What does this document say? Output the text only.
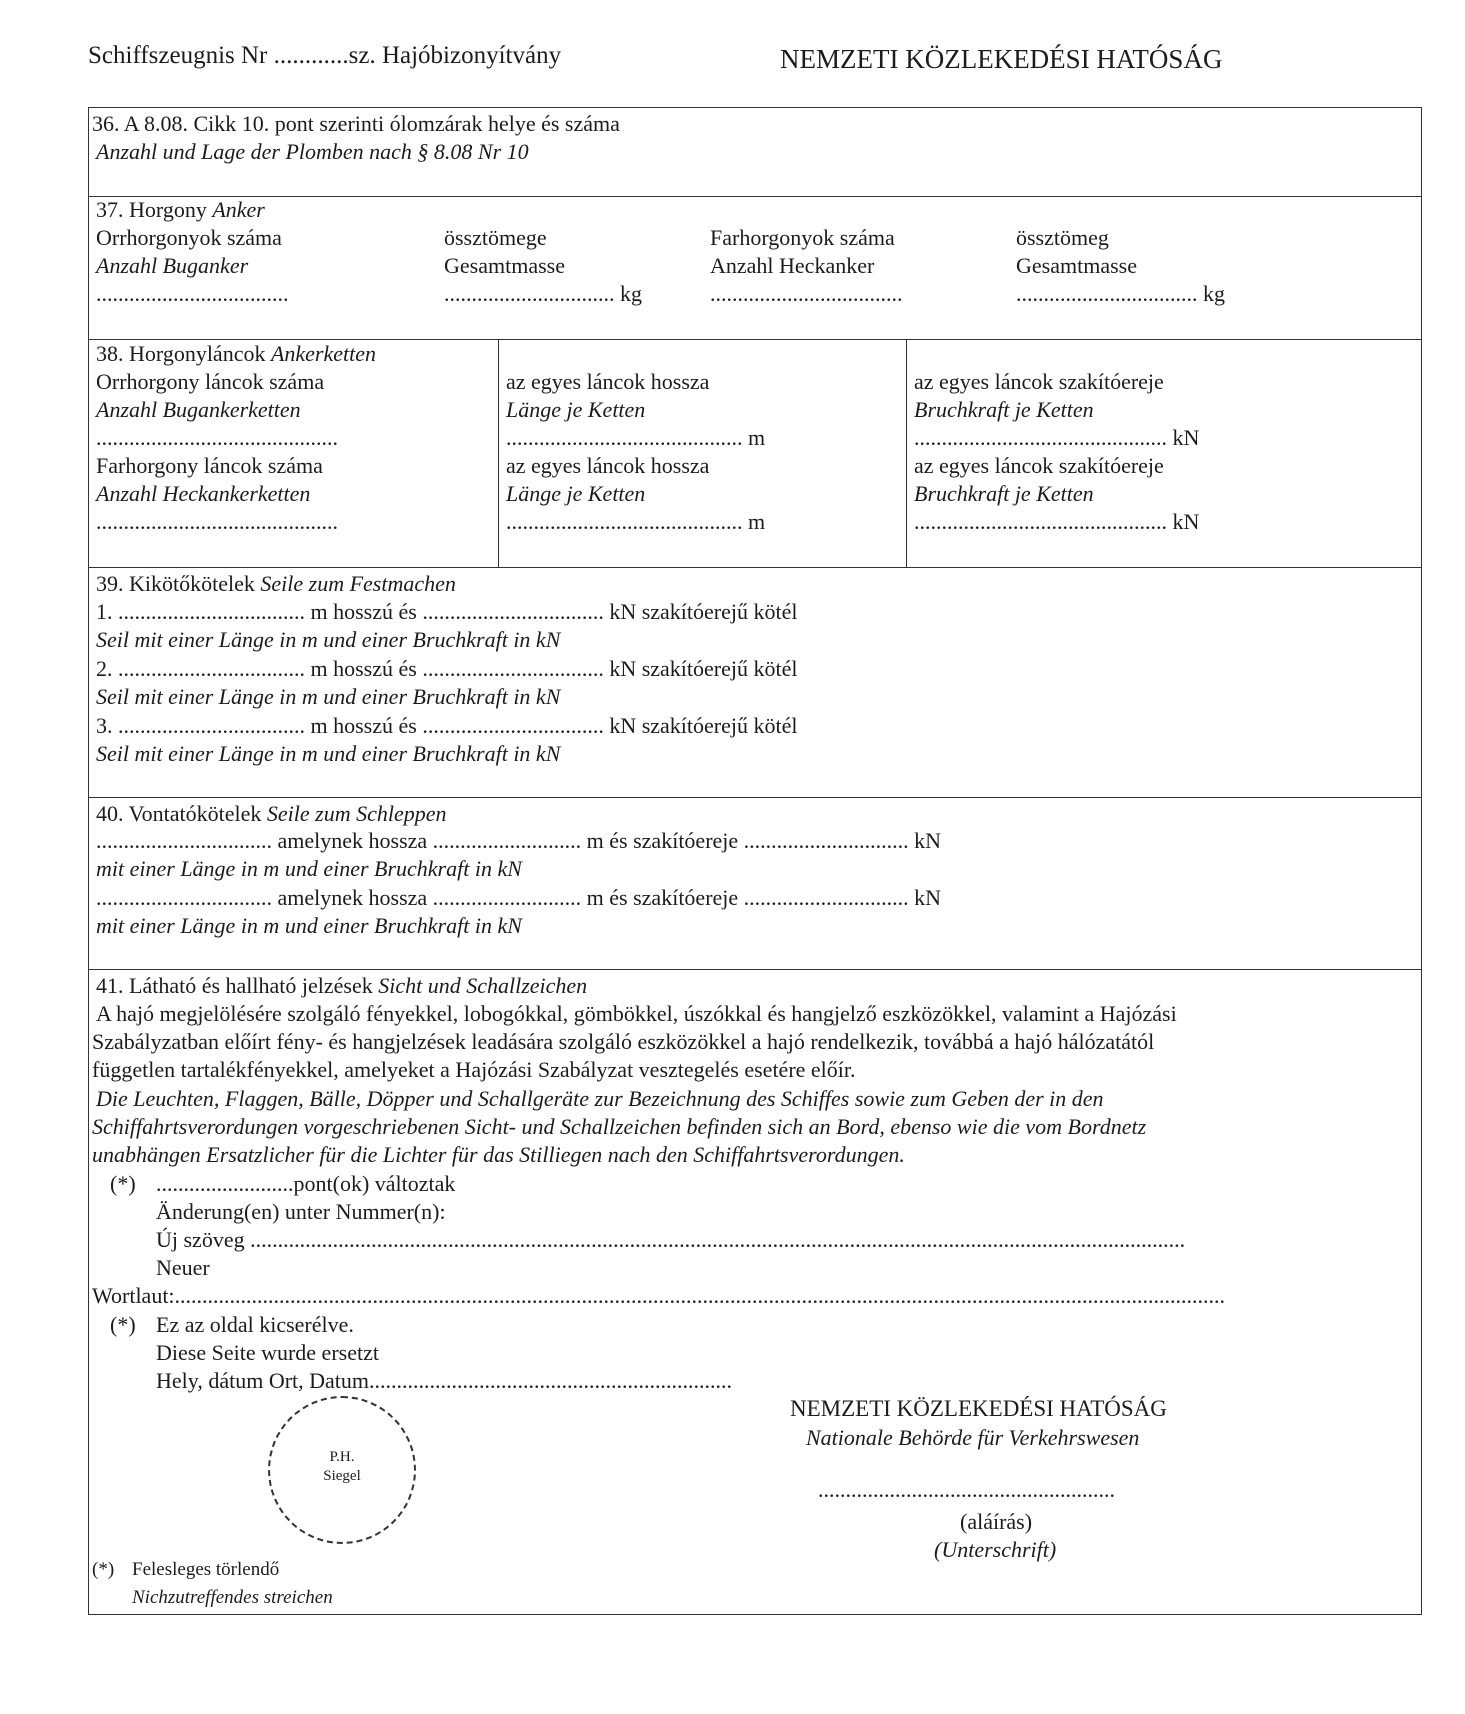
Schiffszeugnis Nr ............sz. Hajóbizonyítvány	NEMZETI KÖZLEKEDÉSI HATÓSÁG
36. A 8.08. Cikk 10. pont szerinti ólomzárak helye és száma
Anzahl und Lage der Plomben nach § 8.08 Nr 10
37. Horgony Anker
Orrhorgonyok száma
Anzahl Buganker
...................................
össztömege
Gesamtmasse
............................... kg
Farhorgonyok száma
Anzahl Heckanker
...................................
össztömeg
Gesamtmasse
................................. kg
38. Horgonyláncok Ankerketten
Orrhorgony láncok száma
Anzahl Bugankerketten
............................................
Farhorgony láncok száma
Anzahl Heckankerketten
............................................
az egyes láncok hossza
Länge je Ketten
........................................... m
az egyes láncok hossza
Länge je Ketten
........................................... m
az egyes láncok szakítóereje
Bruchkraft je Ketten
.............................................. kN
az egyes láncok szakítóereje
Bruchkraft je Ketten
.............................................. kN
39. Kikötőkötelek Seile zum Festmachen
1. .................................. m hosszú és ................................. kN szakítóerejű kötél
Seil mit einer Länge in m und einer Bruchkraft in kN
2. .................................. m hosszú és ................................. kN szakítóerejű kötél
Seil mit einer Länge in m und einer Bruchkraft in kN
3. .................................. m hosszú és ................................. kN szakítóerejű kötél
Seil mit einer Länge in m und einer Bruchkraft in kN
40. Vontatókötelek Seile zum Schleppen
................................ amelynek hossza ........................... m és szakítóereje .............................. kN
mit einer Länge in m und einer Bruchkraft in kN
................................ amelynek hossza ........................... m és szakítóereje .............................. kN
mit einer Länge in m und einer Bruchkraft in kN
41. Látható és hallható jelzések Sicht und Schallzeichen
A hajó megjelölésére szolgáló fényekkel, lobogókkal, gömbökkel, úszókkal és hangjelző eszközökkel, valamint a Hajózási
Szabályzatban előírt fény- és hangjelzések leadására szolgáló eszközökkel a hajó rendelkezik, továbbá a hajó hálózatától
független tartalékfényekkel, amelyeket a Hajózási Szabályzat vesztegelés esetére előír.
Die Leuchten, Flaggen, Bälle, Döpper und Schallgeräte zur Bezeichnung des Schiffes sowie zum Geben der in den
Schiffahrtsverordungen vorgeschriebenen Sicht- und Schallzeichen befinden sich an Bord, ebenso wie die vom Bordnetz
unabhängen Ersatzlicher für die Lichter für das Stilliegen nach den Schiffahrtsverordungen.
(*) .........................pont(ok) változtak
Änderung(en) unter Nummer(n):
Új szöveg ..........................................................................................................................................................................
Neuer
Wortlaut:...............................................................................................................................................................................................
(*) Ez az oldal kicserélve.
Diese Seite wurde ersetzt
Hely, dátum Ort, Datum..................................................................
NEMZETI KÖZLEKEDÉSI HATÓSÁG
Nationale Behörde für Verkehrswesen
......................................................
(aláírás)
(Unterschrift)
P.H.
Siegel
(*) Felesleges törlendő
Nichzutreffendes streichen
